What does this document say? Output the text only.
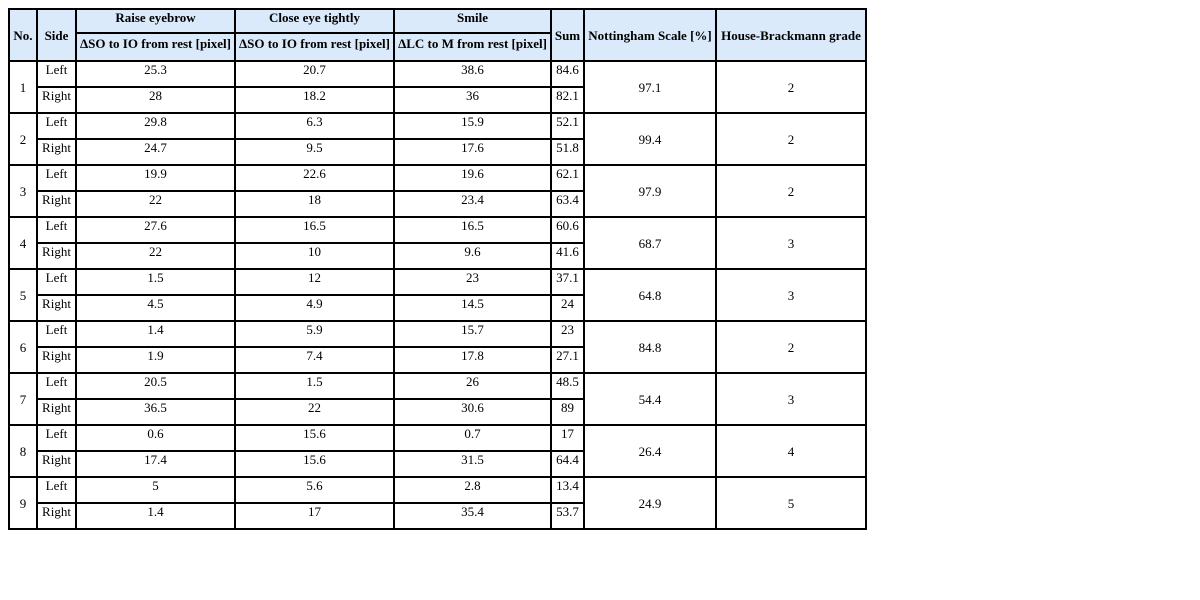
No.	Side	Raise eyebrow	Close eye tightly	Smile	Sum	Nottingham Scale [%]	House-Brackmann grade
		ΔSO to IO from rest [pixel]	ΔSO to IO from rest [pixel]	ΔLC to M from rest [pixel]			
1	Left	25.3	20.7	38.6	84.6	97.1	2
	Right	28	18.2	36	82.1		
2	Left	29.8	6.3	15.9	52.1	99.4	2
	Right	24.7	9.5	17.6	51.8		
3	Left	19.9	22.6	19.6	62.1	97.9	2
	Right	22	18	23.4	63.4		
4	Left	27.6	16.5	16.5	60.6	68.7	3
	Right	22	10	9.6	41.6		
5	Left	1.5	12	23	37.1	64.8	3
	Right	4.5	4.9	14.5	24		
6	Left	1.4	5.9	15.7	23	84.8	2
	Right	1.9	7.4	17.8	27.1		
7	Left	20.5	1.5	26	48.5	54.4	3
	Right	36.5	22	30.6	89		
8	Left	0.6	15.6	0.7	17	26.4	4
	Right	17.4	15.6	31.5	64.4		
9	Left	5	5.6	2.8	13.4	24.9	5
	Right	1.4	17	35.4	53.7		
